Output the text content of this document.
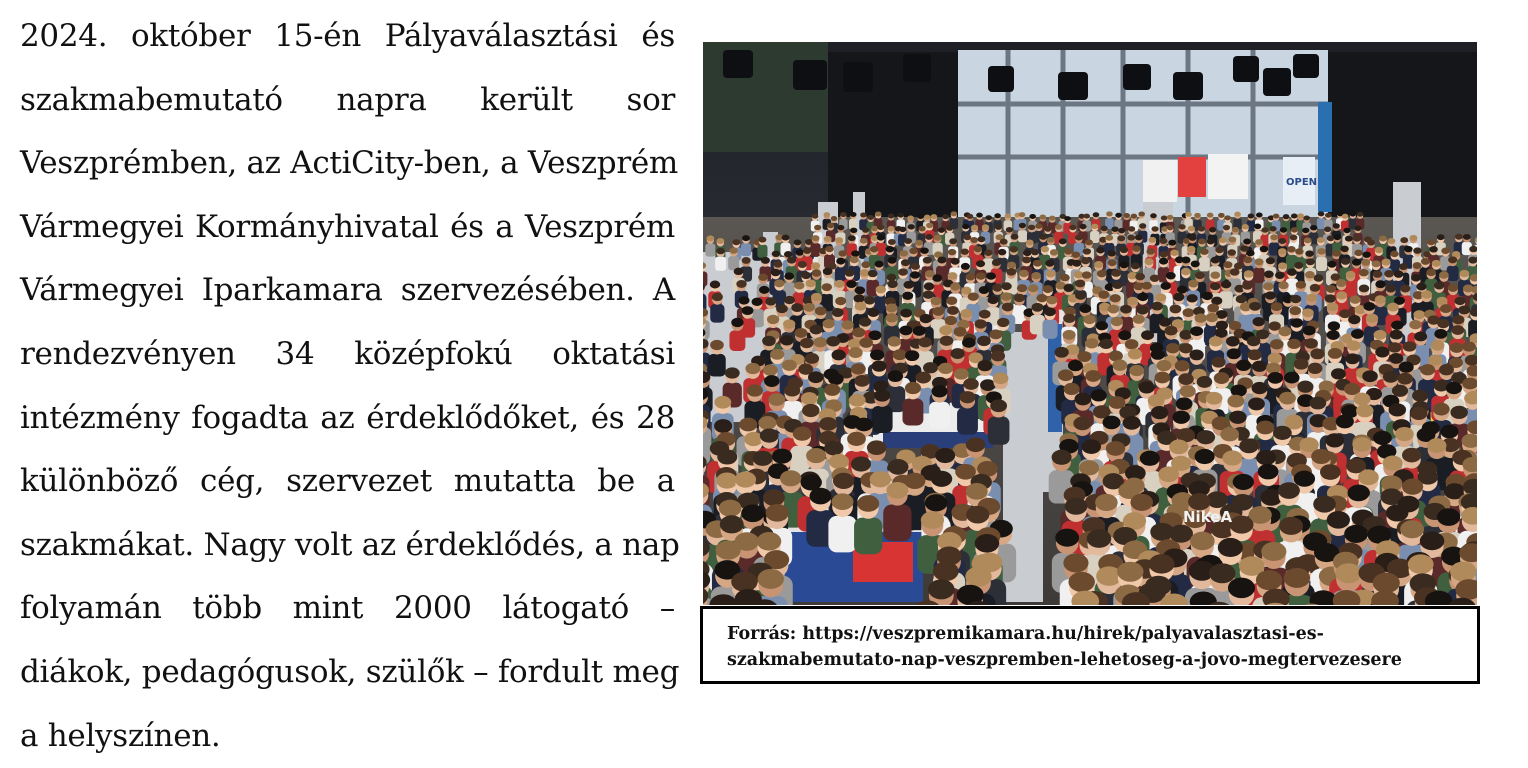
2024. október 15-én Pályaválasztási és
szakmabemutató napra került sor
Veszprémben, az ActiCity-ben, a Veszprém
Vármegyei Kormányhivatal és a Veszprém
Vármegyei Iparkamara szervezésében. A
rendezvényen 34 középfokú oktatási
intézmény fogadta az érdeklődőket, és 28
különböző cég, szervezet mutatta be a
szakmákat. Nagy volt az érdeklődés, a nap
folyamán több mint 2000 látogató –
diákok, pedagógusok, szülők – fordult meg
a helyszínen.
OPEN
NikeA
Forrás: https://veszpremikamara.hu/hirek/palyavalasztasi-es-
szakmabemutato-nap-veszpremben-lehetoseg-a-jovo-megtervezesere
